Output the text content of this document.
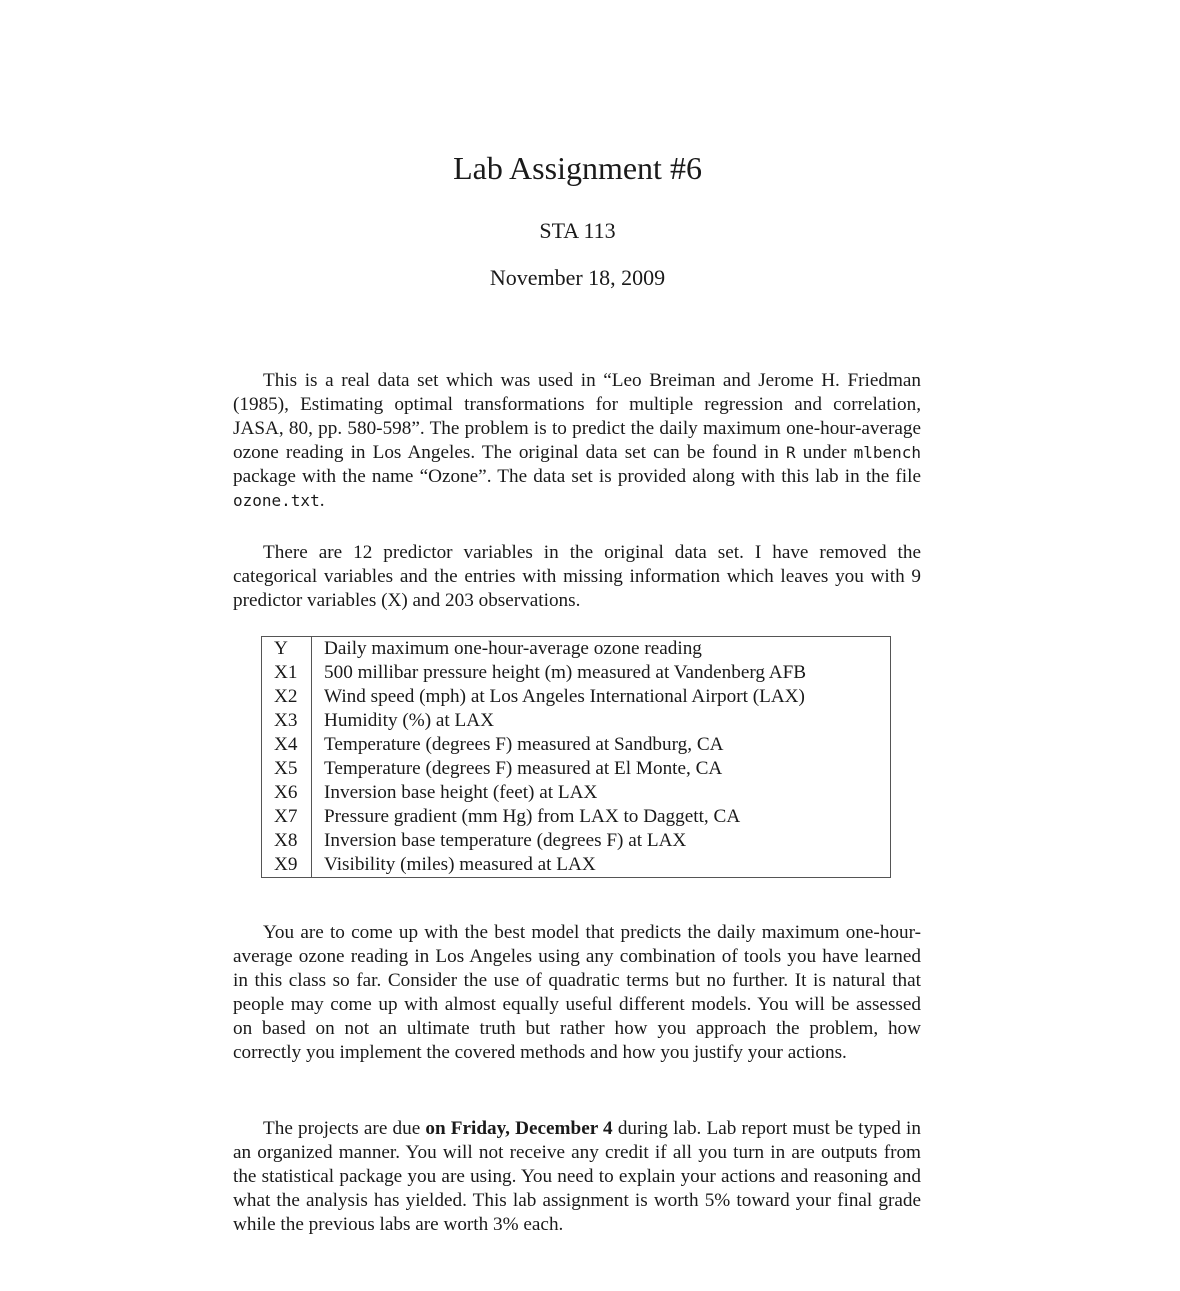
Lab Assignment #6
STA 113
November 18, 2009

This is a real data set which was used in “Leo Breiman and Jerome H. Friedman (1985), Estimating optimal transformations for multiple regression and correlation, JASA, 80, pp. 580-598”. The problem is to predict the daily maximum one-hour-average ozone reading in Los Angeles. The original data set can be found in R under mlbench package with the name “Ozone”. The data set is provided along with this lab in the file ozone.txt.

There are 12 predictor variables in the original data set. I have removed the categorical variables and the entries with missing information which leaves you with 9 predictor variables (X) and 203 observations.

Y	Daily maximum one-hour-average ozone reading
X1	500 millibar pressure height (m) measured at Vandenberg AFB
X2	Wind speed (mph) at Los Angeles International Airport (LAX)
X3	Humidity (%) at LAX
X4	Temperature (degrees F) measured at Sandburg, CA
X5	Temperature (degrees F) measured at El Monte, CA
X6	Inversion base height (feet) at LAX
X7	Pressure gradient (mm Hg) from LAX to Daggett, CA
X8	Inversion base temperature (degrees F) at LAX
X9	Visibility (miles) measured at LAX

You are to come up with the best model that predicts the daily maximum one-hour-average ozone reading in Los Angeles using any combination of tools you have learned in this class so far. Consider the use of quadratic terms but no further. It is natural that people may come up with almost equally useful different models. You will be assessed on based on not an ultimate truth but rather how you approach the problem, how correctly you implement the covered methods and how you justify your actions.

The projects are due on Friday, December 4 during lab. Lab report must be typed in an organized manner. You will not receive any credit if all you turn in are outputs from the statistical package you are using. You need to explain your actions and reasoning and what the analysis has yielded. This lab assignment is worth 5% toward your final grade while the previous labs are worth 3% each.
